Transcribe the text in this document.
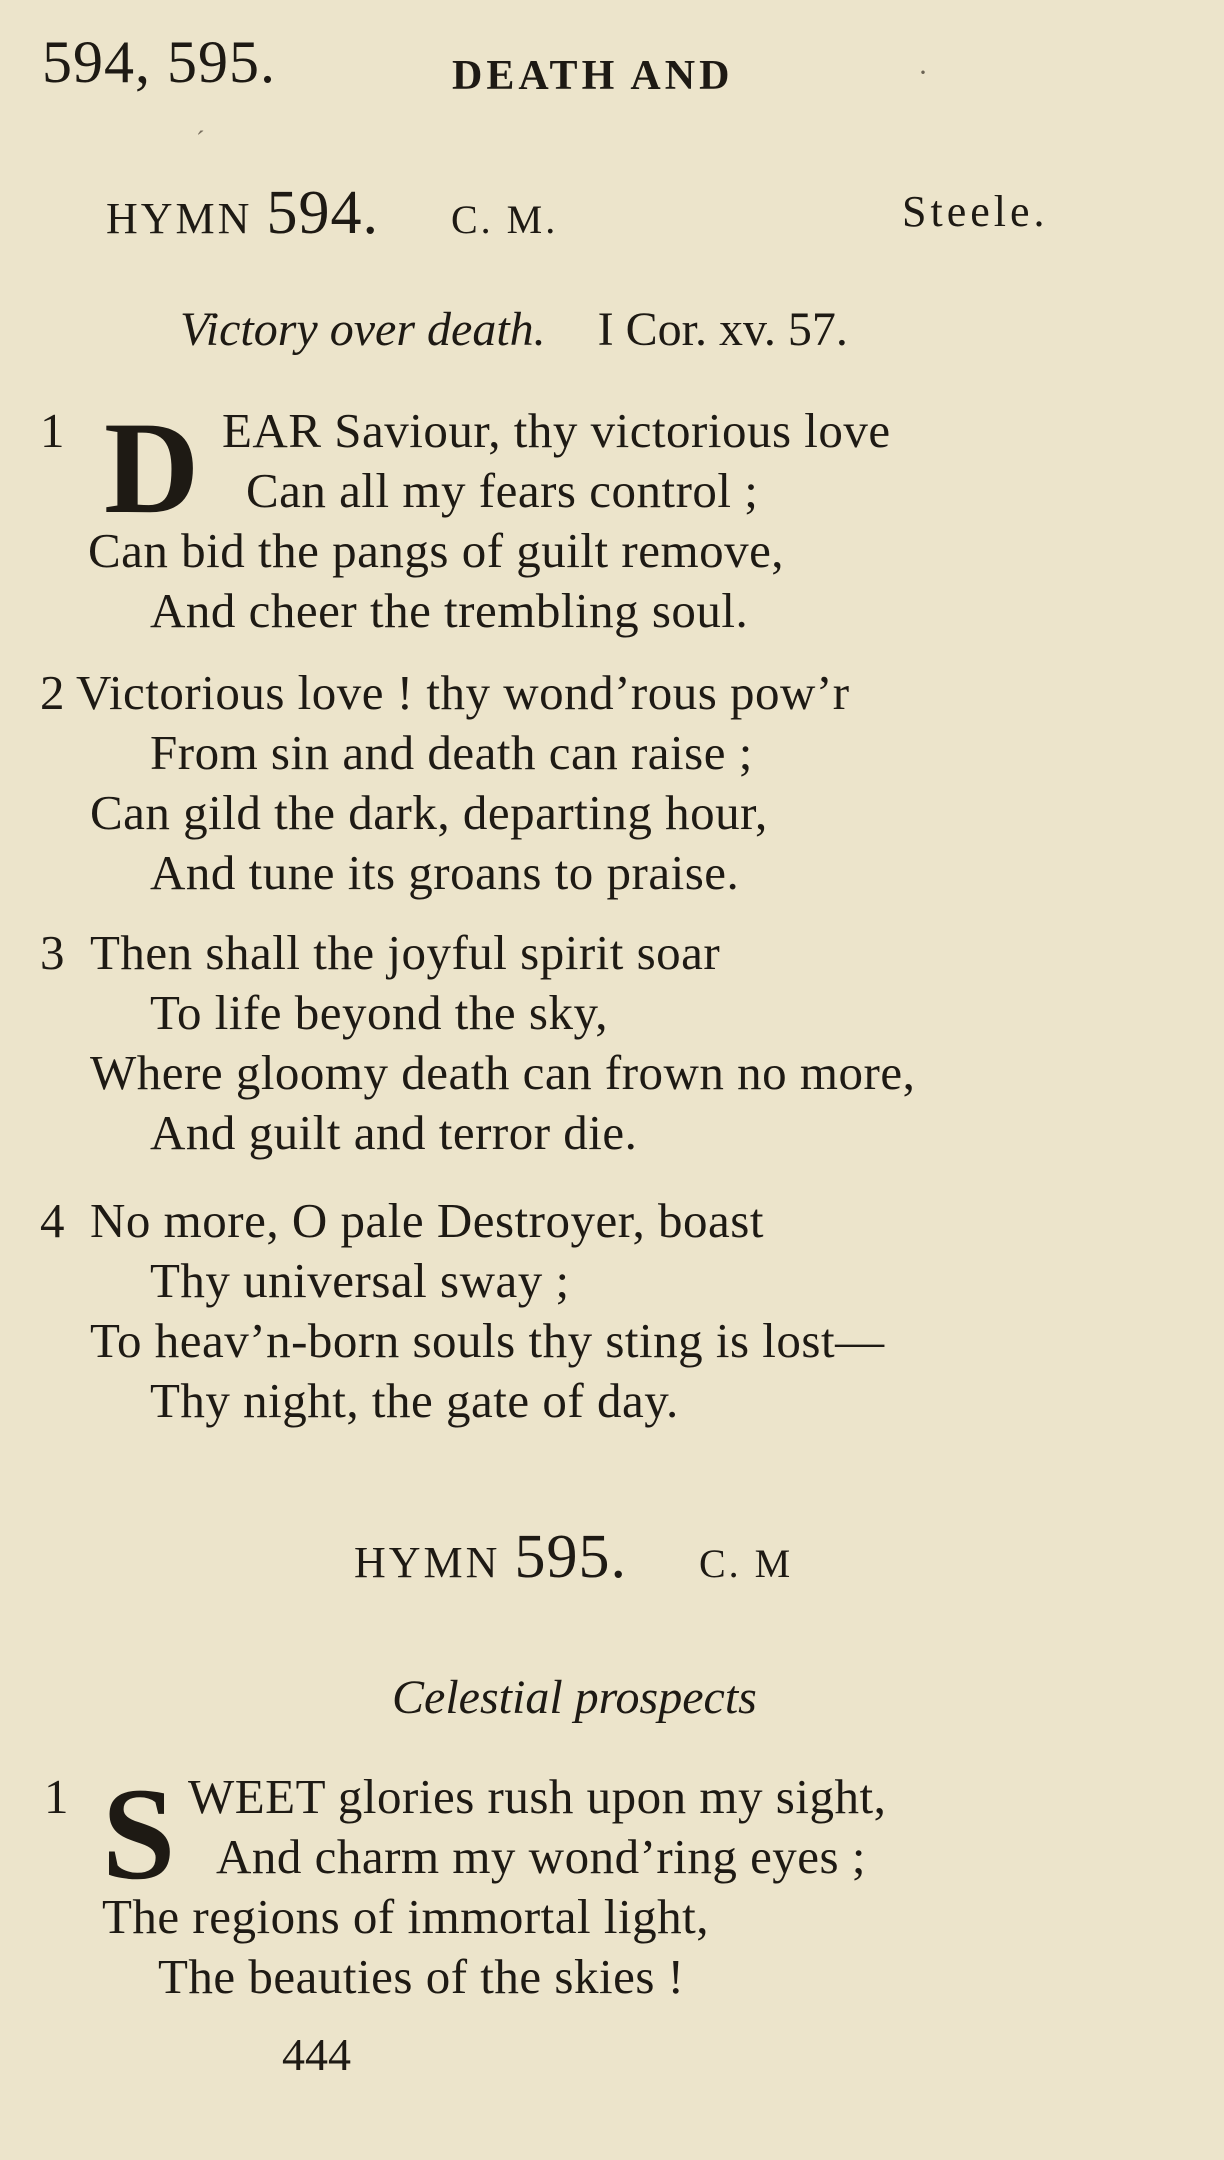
594, 595.	DEATH AND	·
ˊ
HYMN 594. C. M.	Steele.
Victory over death. I Cor. xv. 57.
1 D EAR Saviour, thy victorious love
Can all my fears control ;
Can bid the pangs of guilt remove,
And cheer the trembling soul.
2 Victorious love ! thy wond’rous pow’r
From sin and death can raise ;
Can gild the dark, departing hour,
And tune its groans to praise.
3 Then shall the joyful spirit soar
To life beyond the sky,
Where gloomy death can frown no more,
And guilt and terror die.
4 No more, O pale Destroyer, boast
Thy universal sway ;
To heav’n-born souls thy sting is lost—
Thy night, the gate of day.
HYMN 595. C. M
Celestial prospects
1 S WEET glories rush upon my sight,
And charm my wond’ring eyes ;
The regions of immortal light,
The beauties of the skies !
444
